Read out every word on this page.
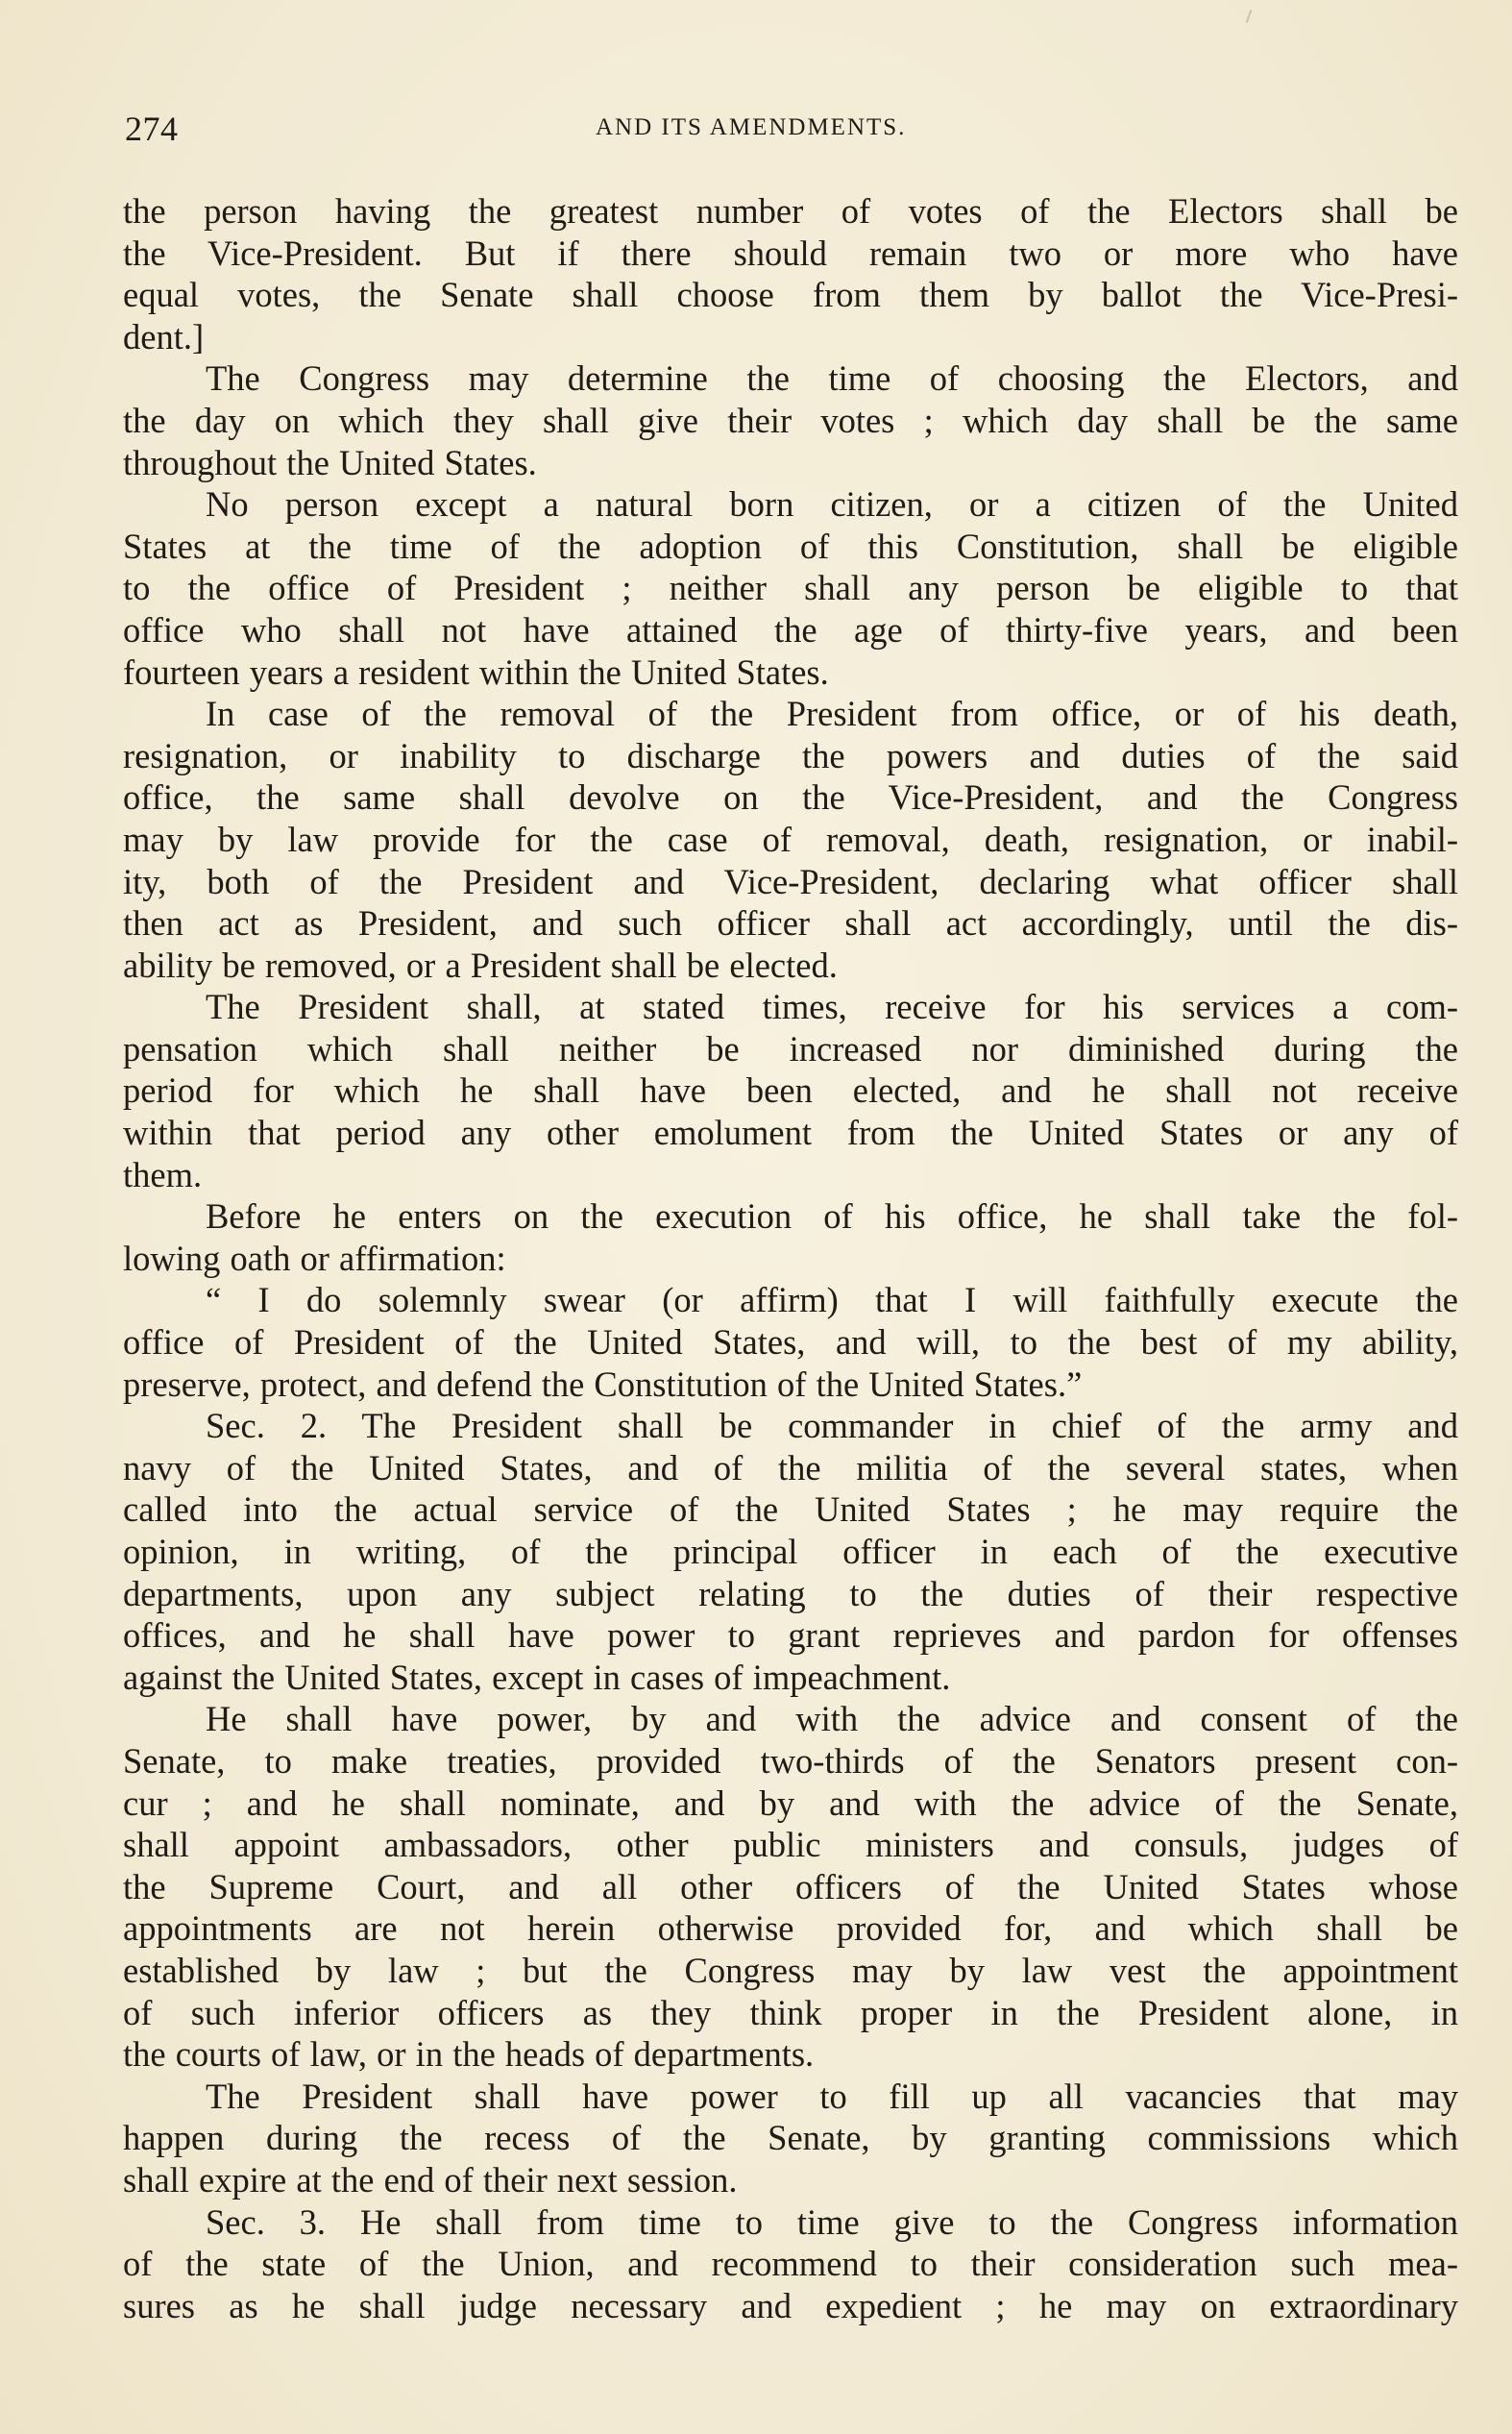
274	AND ITS AMENDMENTS.
the person having the greatest number of votes of the Electors shall be
the Vice-President. But if there should remain two or more who have
equal votes, the Senate shall choose from them by ballot the Vice-Presi-
dent.]
The Congress may determine the time of choosing the Electors, and
the day on which they shall give their votes ; which day shall be the same
throughout the United States.
No person except a natural born citizen, or a citizen of the United
States at the time of the adoption of this Constitution, shall be eligible
to the office of President ; neither shall any person be eligible to that
office who shall not have attained the age of thirty-five years, and been
fourteen years a resident within the United States.
In case of the removal of the President from office, or of his death,
resignation, or inability to discharge the powers and duties of the said
office, the same shall devolve on the Vice-President, and the Congress
may by law provide for the case of removal, death, resignation, or inabil-
ity, both of the President and Vice-President, declaring what officer shall
then act as President, and such officer shall act accordingly, until the dis-
ability be removed, or a President shall be elected.
The President shall, at stated times, receive for his services a com-
pensation which shall neither be increased nor diminished during the
period for which he shall have been elected, and he shall not receive
within that period any other emolument from the United States or any of
them.
Before he enters on the execution of his office, he shall take the fol-
lowing oath or affirmation:
“ I do solemnly swear (or affirm) that I will faithfully execute the
office of President of the United States, and will, to the best of my ability,
preserve, protect, and defend the Constitution of the United States.”
Sec. 2. The President shall be commander in chief of the army and
navy of the United States, and of the militia of the several states, when
called into the actual service of the United States ; he may require the
opinion, in writing, of the principal officer in each of the executive
departments, upon any subject relating to the duties of their respective
offices, and he shall have power to grant reprieves and pardon for offenses
against the United States, except in cases of impeachment.
He shall have power, by and with the advice and consent of the
Senate, to make treaties, provided two-thirds of the Senators present con-
cur ; and he shall nominate, and by and with the advice of the Senate,
shall appoint ambassadors, other public ministers and consuls, judges of
the Supreme Court, and all other officers of the United States whose
appointments are not herein otherwise provided for, and which shall be
established by law ; but the Congress may by law vest the appointment
of such inferior officers as they think proper in the President alone, in
the courts of law, or in the heads of departments.
The President shall have power to fill up all vacancies that may
happen during the recess of the Senate, by granting commissions which
shall expire at the end of their next session.
Sec. 3. He shall from time to time give to the Congress information
of the state of the Union, and recommend to their consideration such mea-
sures as he shall judge necessary and expedient ; he may on extraordinary
